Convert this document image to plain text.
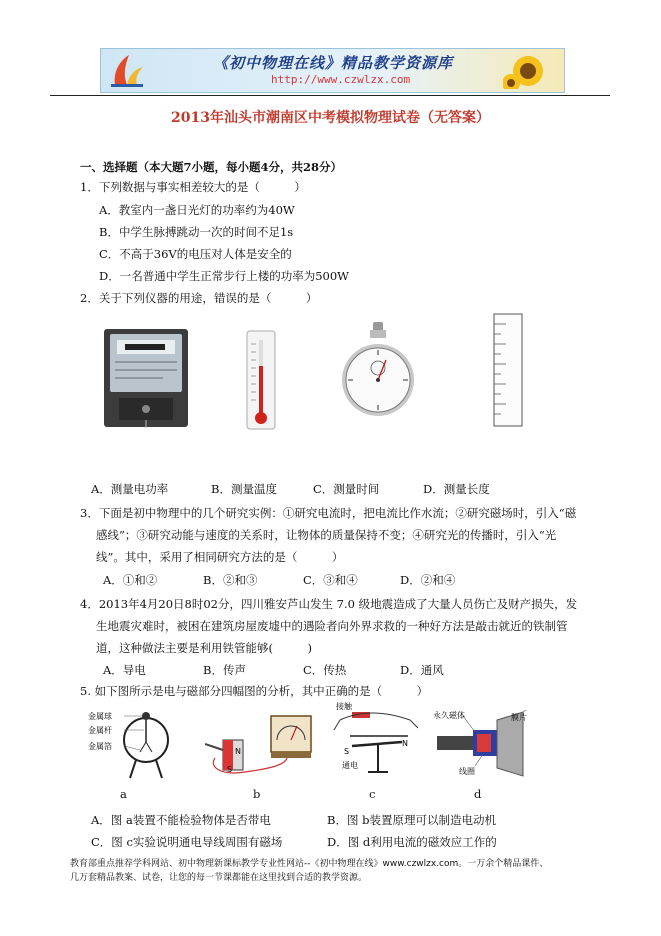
《初中物理在线》精品教学资源库
http://www.czwlzx.com
2013年汕头市潮南区中考模拟物理试卷（无答案）
一、选择题（本大题7小题，每小题4分，共28分）
1．下列数据与事实相差较大的是（　　　）
A．教室内一盏日光灯的功率约为40W
B．中学生脉搏跳动一次的时间不足1s
C．不高于36V的电压对人体是安全的
D．一名普通中学生正常步行上楼的功率为500W
2．关于下列仪器的用途，错误的是（　　　）
A．测量电功率	B．测量温度	C．测量时间	D．测量长度
3．下面是初中物理中的几个研究实例：①研究电流时，把电流比作水流；②研究磁场时，引入“磁
感线”；③研究动能与速度的关系时，让物体的质量保持不变；④研究光的传播时，引入“光
线”。其中，采用了相同研究方法的是（　　　）
A．①和②	B．②和③	C．③和④	D．②和④
4．2013年4月20日8时02分，四川雅安芦山发生 7.0 级地震造成了大量人员伤亡及财产损失，发
生地震灾难时，被困在建筑房屋废墟中的遇险者向外界求救的一种好方法是敲击就近的铁制管
道，这种做法主要是利用铁管能够(　　　)
A．导电	B．传声	C．传热	D．通风
5. 如下图所示是电与磁部分四幅图的分析，其中正确的是（　　　）
金属球
金属杆
金属箔
N
S
接触
S
N
通电
永久磁体	膜片
线圈
a	b	c	d
A．图 a装置不能检验物体是否带电	B．图 b装置原理可以制造电动机
C．图 c实验说明通电导线周围有磁场	D．图 d利用电流的磁效应工作的
教育部重点推荐学科网站、初中物理新课标教学专业性网站--《初中物理在线》www.czwlzx.com。一万余个精品课件、
几万套精品教案、试卷，让您的每一节课都能在这里找到合适的教学资源。
